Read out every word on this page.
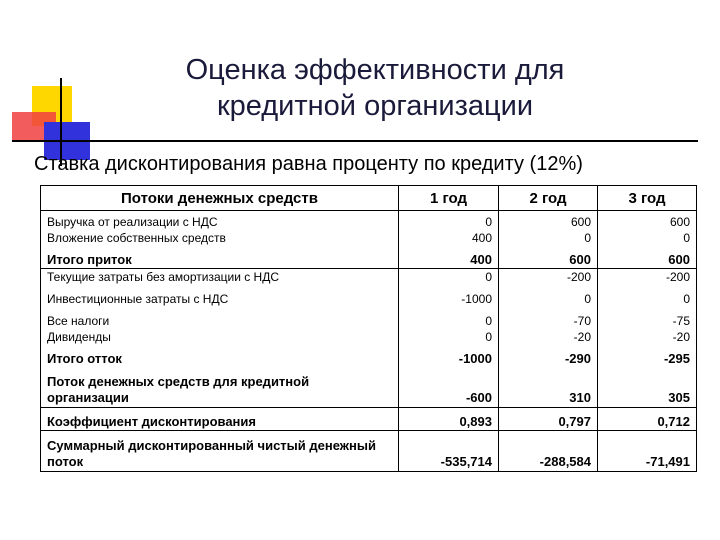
Оценка эффективности для кредитной организации
Ставка дисконтирования равна проценту по кредиту (12%)
Потоки денежных средств	1 год	2 год	3 год

Выручка от реализации с НДС	0	600	600
Вложение собственных средств	400	0	0
Итого приток	400	600	600
Текущие затраты без амортизации с НДС	0	-200	-200
Инвестиционные затраты с НДС	-1000	0	0
Все налоги	0	-70	-75
Дивиденды	0	-20	-20
Итого отток	-1000	-290	-295
Поток денежных средств для кредитной организации	-600	310	305
Коэффициент дисконтирования	0,893	0,797	0,712
Суммарный дисконтированный чистый денежный поток	-535,714	-288,584	-71,491
